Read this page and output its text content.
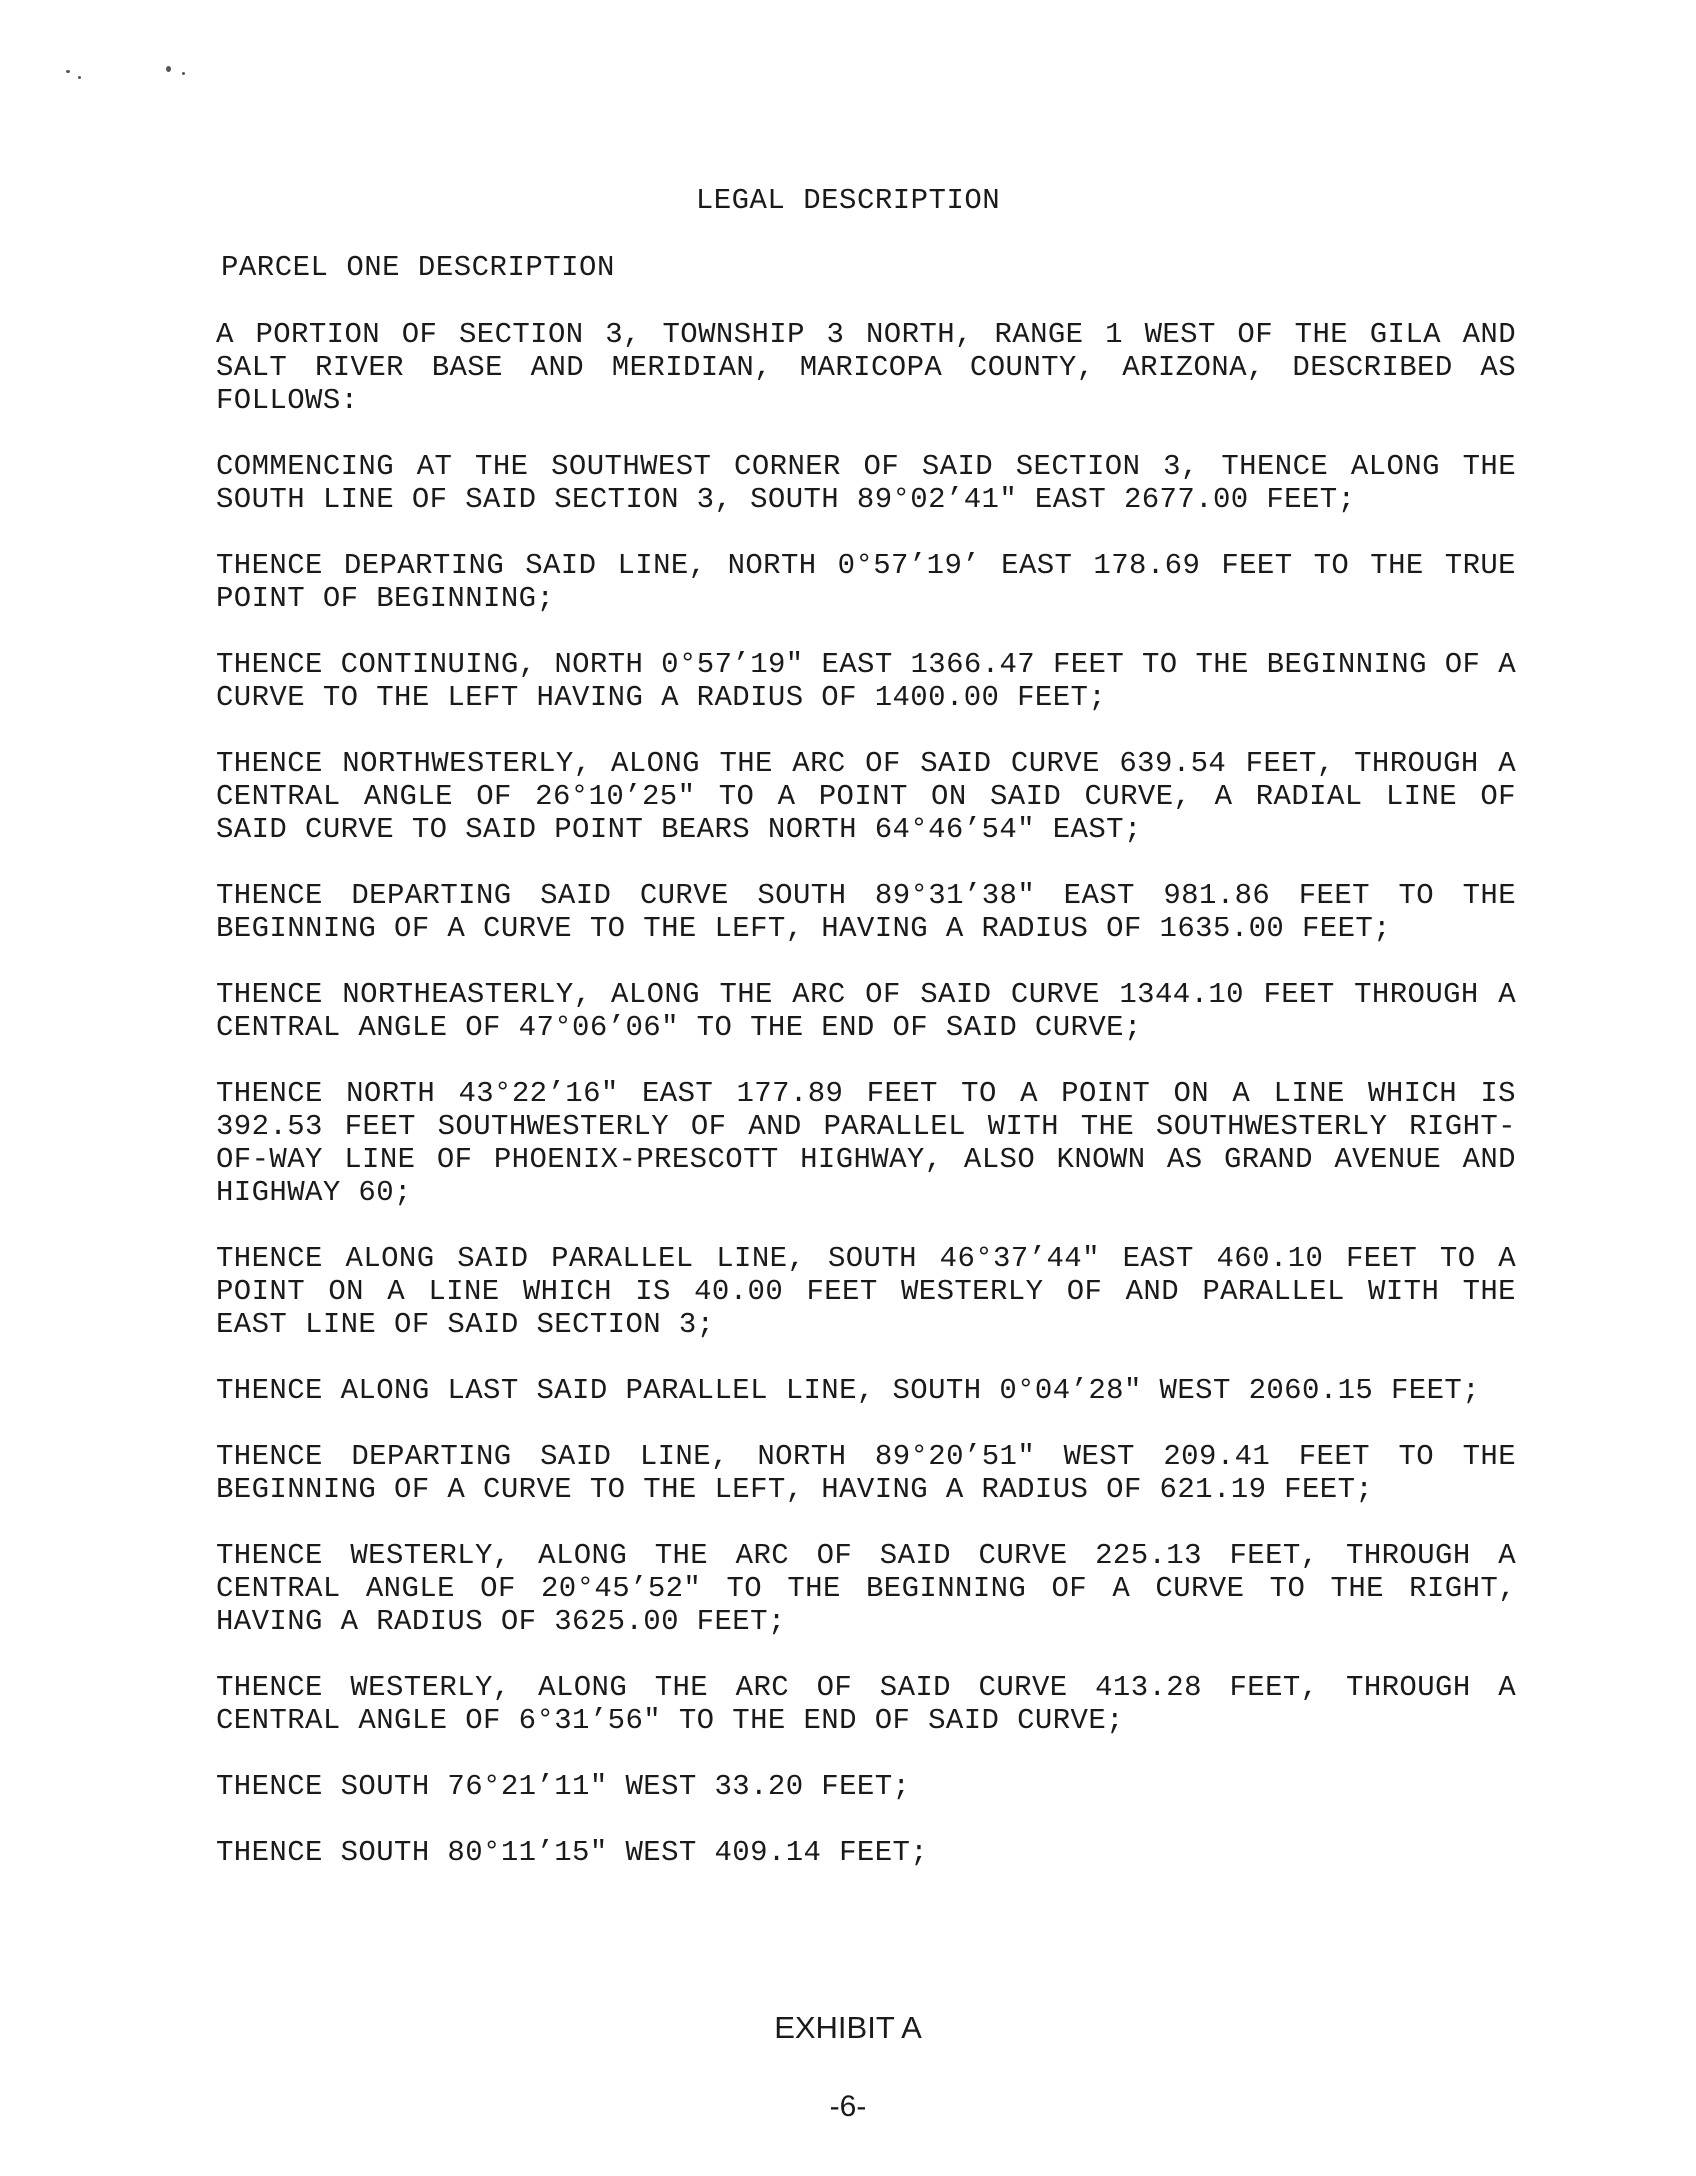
LEGAL DESCRIPTION
PARCEL ONE DESCRIPTION

A PORTION OF SECTION 3, TOWNSHIP 3 NORTH, RANGE 1 WEST OF THE GILA AND SALT RIVER BASE AND MERIDIAN, MARICOPA COUNTY, ARIZONA, DESCRIBED AS FOLLOWS:

COMMENCING AT THE SOUTHWEST CORNER OF SAID SECTION 3, THENCE ALONG THE SOUTH LINE OF SAID SECTION 3, SOUTH 89°02’41" EAST 2677.00 FEET;

THENCE DEPARTING SAID LINE, NORTH 0°57’19’ EAST 178.69 FEET TO THE TRUE POINT OF BEGINNING;

THENCE CONTINUING, NORTH 0°57’19" EAST 1366.47 FEET TO THE BEGINNING OF A CURVE TO THE LEFT HAVING A RADIUS OF 1400.00 FEET;

THENCE NORTHWESTERLY, ALONG THE ARC OF SAID CURVE 639.54 FEET, THROUGH A CENTRAL ANGLE OF 26°10’25" TO A POINT ON SAID CURVE, A RADIAL LINE OF SAID CURVE TO SAID POINT BEARS NORTH 64°46’54" EAST;

THENCE DEPARTING SAID CURVE SOUTH 89°31’38" EAST 981.86 FEET TO THE BEGINNING OF A CURVE TO THE LEFT, HAVING A RADIUS OF 1635.00 FEET;

THENCE NORTHEASTERLY, ALONG THE ARC OF SAID CURVE 1344.10 FEET THROUGH A CENTRAL ANGLE OF 47°06’06" TO THE END OF SAID CURVE;

THENCE NORTH 43°22’16" EAST 177.89 FEET TO A POINT ON A LINE WHICH IS 392.53 FEET SOUTHWESTERLY OF AND PARALLEL WITH THE SOUTHWESTERLY RIGHT-OF-WAY LINE OF PHOENIX-PRESCOTT HIGHWAY, ALSO KNOWN AS GRAND AVENUE AND HIGHWAY 60;

THENCE ALONG SAID PARALLEL LINE, SOUTH 46°37’44" EAST 460.10 FEET TO A POINT ON A LINE WHICH IS 40.00 FEET WESTERLY OF AND PARALLEL WITH THE EAST LINE OF SAID SECTION 3;

THENCE ALONG LAST SAID PARALLEL LINE, SOUTH 0°04’28" WEST 2060.15 FEET;

THENCE DEPARTING SAID LINE, NORTH 89°20’51" WEST 209.41 FEET TO THE BEGINNING OF A CURVE TO THE LEFT, HAVING A RADIUS OF 621.19 FEET;

THENCE WESTERLY, ALONG THE ARC OF SAID CURVE 225.13 FEET, THROUGH A CENTRAL ANGLE OF 20°45’52" TO THE BEGINNING OF A CURVE TO THE RIGHT, HAVING A RADIUS OF 3625.00 FEET;

THENCE WESTERLY, ALONG THE ARC OF SAID CURVE 413.28 FEET, THROUGH A CENTRAL ANGLE OF 6°31’56" TO THE END OF SAID CURVE;

THENCE SOUTH 76°21’11" WEST 33.20 FEET;

THENCE SOUTH 80°11’15" WEST 409.14 FEET;

EXHIBIT A
-6-
